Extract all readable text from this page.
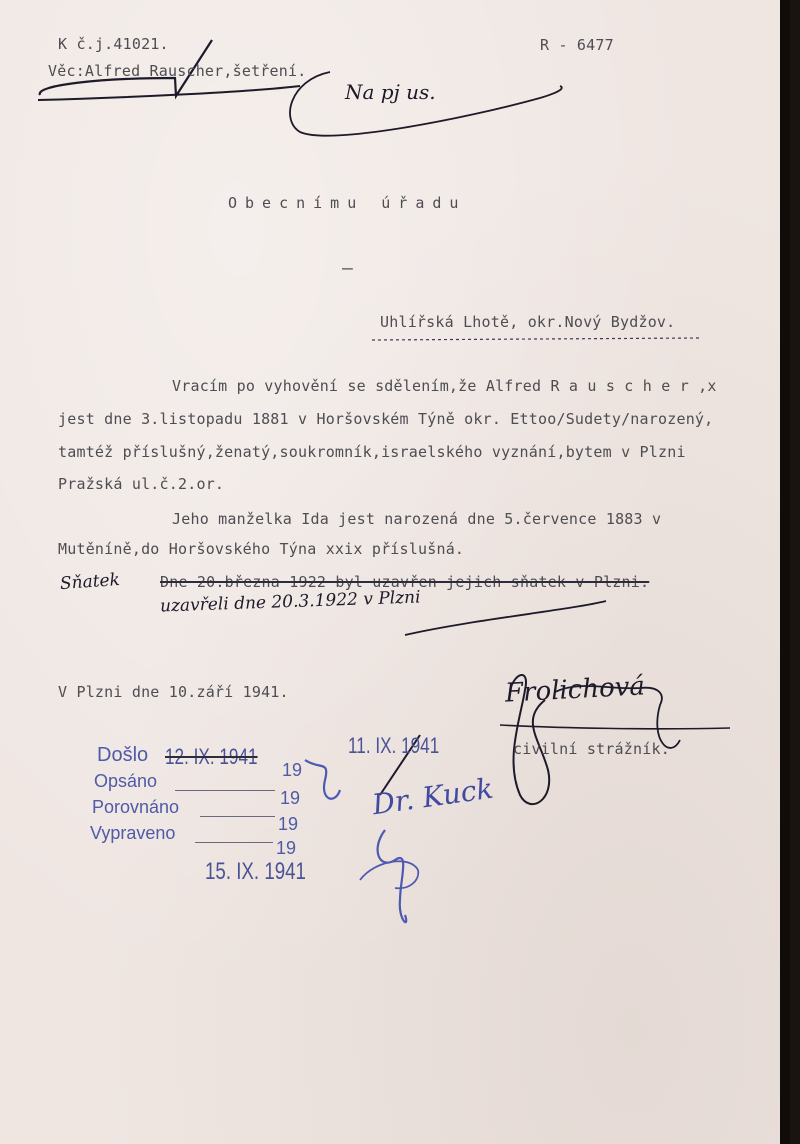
K č.j.41021.
Věc:Alfred Rauscher,šetření.
R - 6477
Na pj us.
Obecnímu úřadu
–
Uhlířská Lhotě, okr.Nový Bydžov.
Vracím po vyhovění se sdělením,že Alfred R a u s c h e r ,x
jest dne 3.listopadu 1881 v Horšovském Týně okr. Ettoo/Sudety/narozený,
tamtéž příslušný,ženatý,soukromník,israelského vyznání,bytem v Plzni
Pražská ul.č.2.or.
Jeho manželka Ida jest narozená dne 5.července 1883 v
Mutěníně,do Horšovského Týna xxix příslušná.
Dne 20.března 1922 byl uzavřen jejich sňatek v Plzni.
Sňatek
uzavřeli dne 20.3.1922 v Plzni
V Plzni dne 10.září 1941.	Frolichová
civilní strážník.
Došlo 12. IX. 1941
Opsáno
Porovnáno
Vypraveno
19
19
19
19
11. IX. 1941
15. IX. 1941
Dr. Kuck
